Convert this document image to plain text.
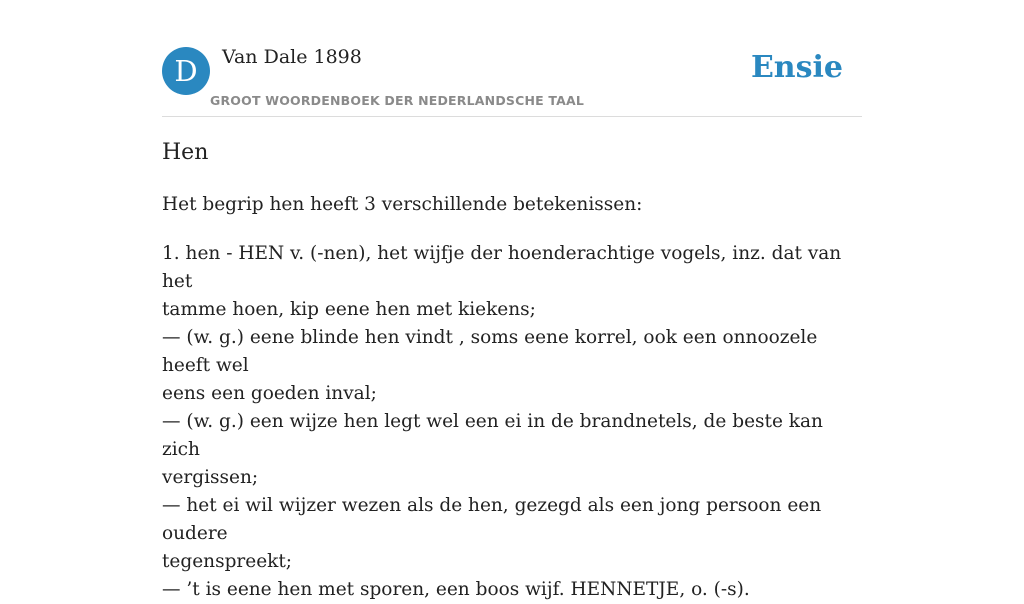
D	Van Dale 1898
GROOT WOORDENBOEK DER NEDERLANDSCHE TAAL
Ensie
Hen

Het begrip hen heeft 3 verschillende betekenissen:

1. hen - HEN v. (-nen), het wijfje der hoenderachtige vogels, inz. dat van het
tamme hoen, kip eene hen met kiekens;
— (w. g.) eene blinde hen vindt , soms eene korrel, ook een onnoozele heeft wel
eens een goeden inval;
— (w. g.) een wijze hen legt wel een ei in de brandnetels, de beste kan zich
vergissen;
— het ei wil wijzer wezen als de hen, gezegd als een jong persoon een oudere
tegenspreekt;
— ’t is eene hen met sporen, een boos wijf. HENNETJE, o. (-s).
